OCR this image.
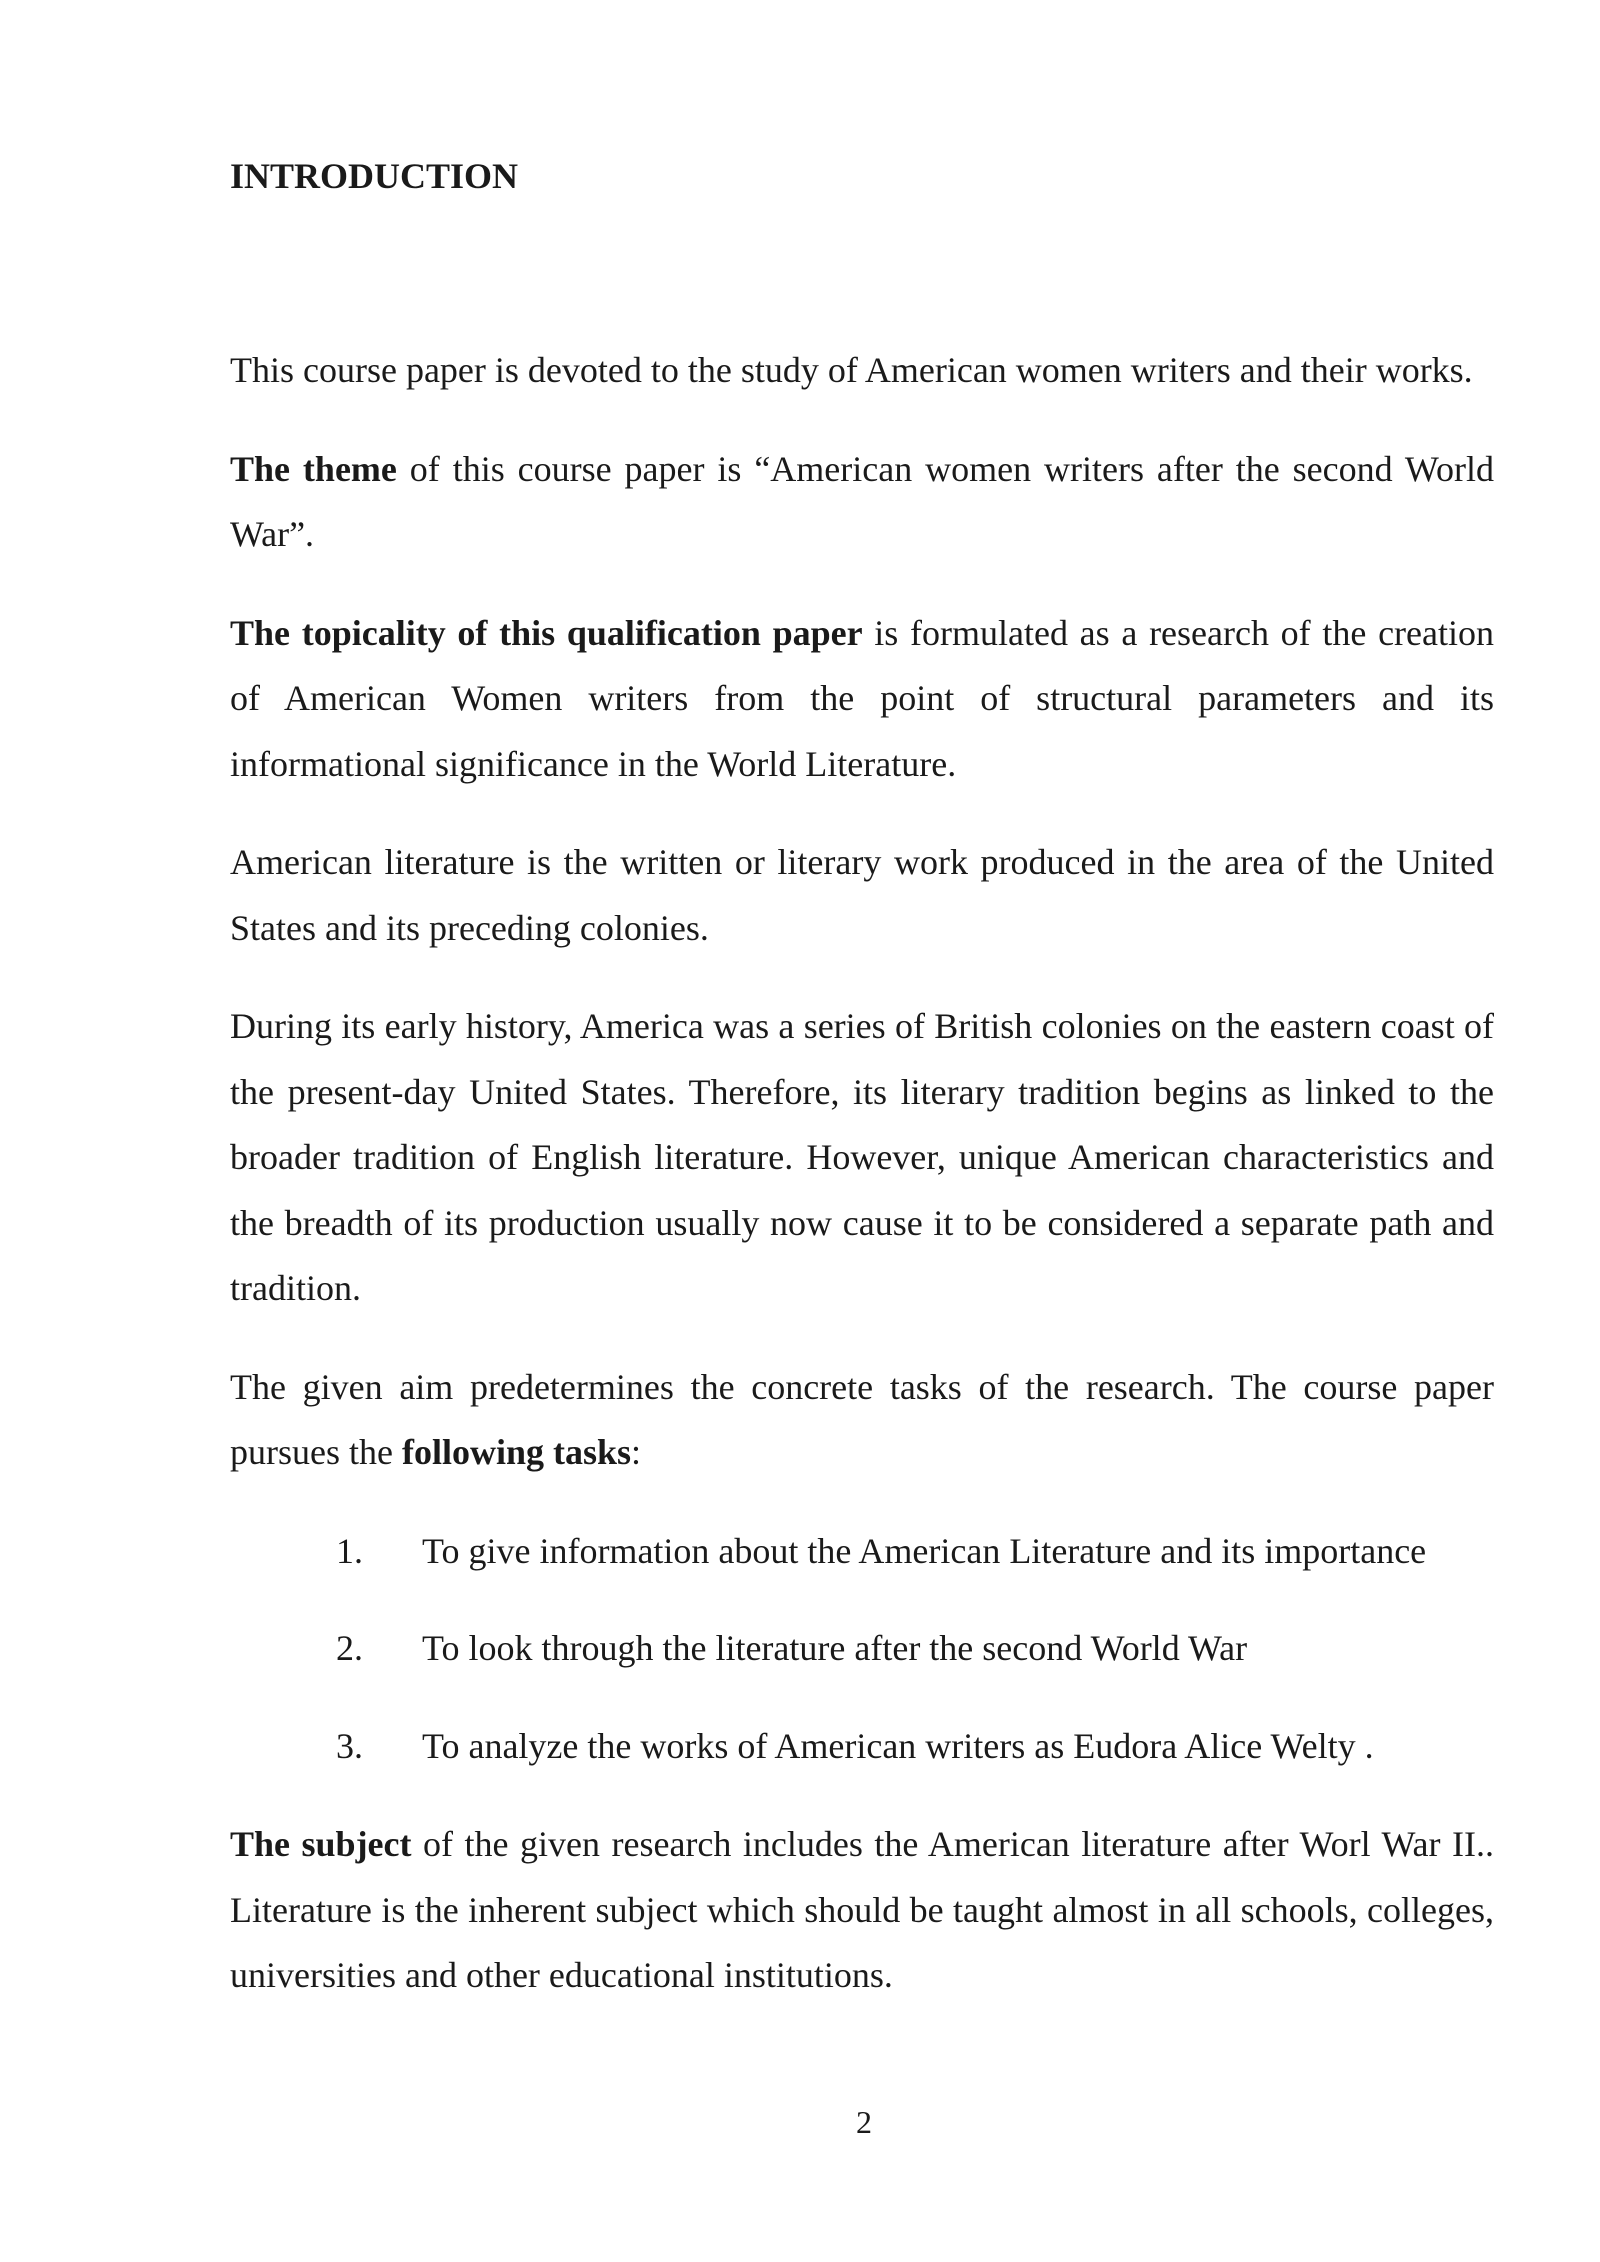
INTRODUCTION

This course paper is devoted to the study of American women writers and their works.

The theme of this course paper is “American women writers after the second World War”.

The topicality of this qualification paper is formulated as a research of the creation of American Women writers from the point of structural parameters and its informational significance in the World Literature.

American literature is the written or literary work produced in the area of the United States and its preceding colonies.

During its early history, America was a series of British colonies on the eastern coast of the present-day United States. Therefore, its literary tradition begins as linked to the broader tradition of English literature. However, unique American characteristics and the breadth of its production usually now cause it to be considered a separate path and tradition.

The given aim predetermines the concrete tasks of the research. The course paper pursues the following tasks:

1.	To give information about the American Literature and its importance
2.	To look through the literature after the second World War
3.	To analyze the works of American writers as Eudora Alice Welty .

The subject of the given research includes the American literature after Worl War II.. Literature is the inherent subject which should be taught almost in all schools, colleges, universities and other educational institutions.

2
